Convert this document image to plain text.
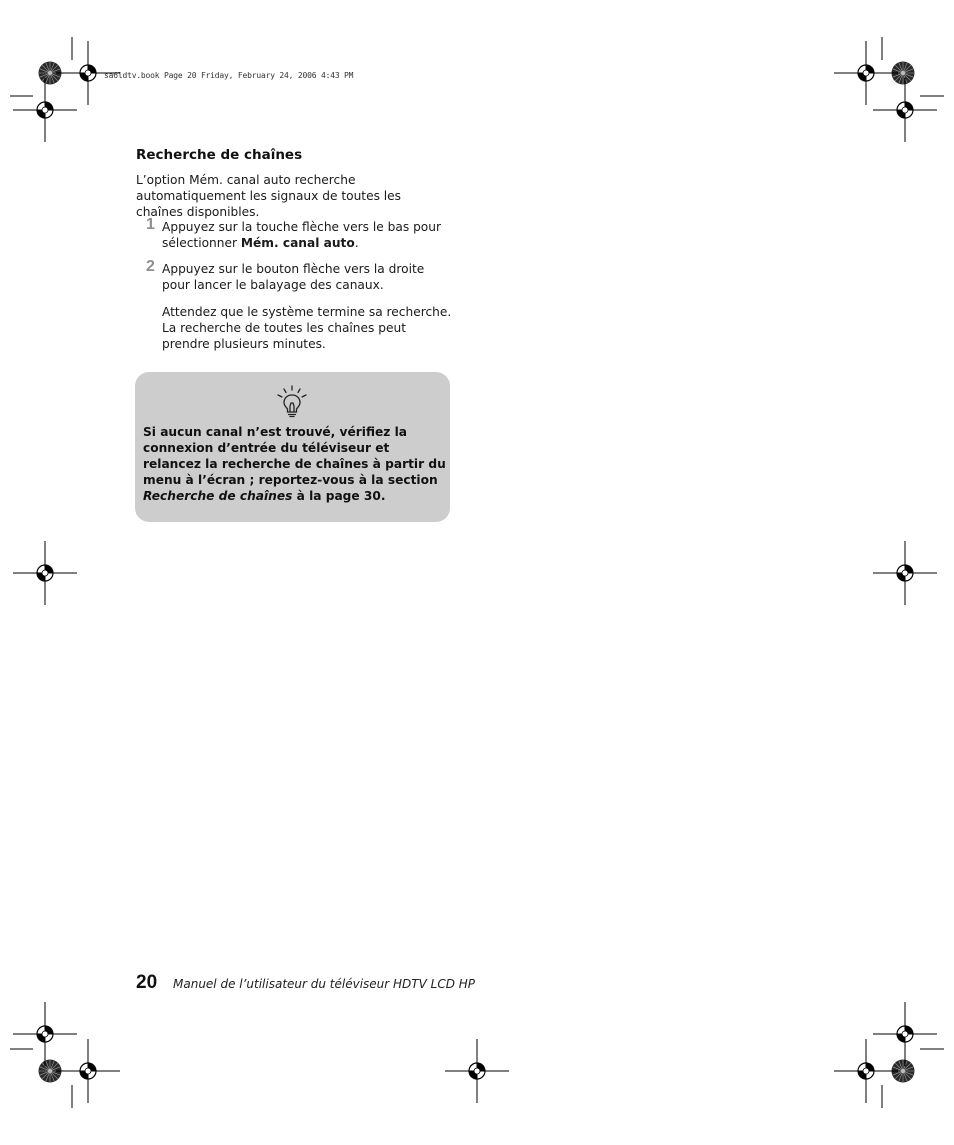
sa6ldtv.book Page 20 Friday, February 24, 2006 4:43 PM
Recherche de chaînes

L’option Mém. canal auto recherche automatiquement les signaux de toutes les chaînes disponibles.

1 Appuyez sur la touche flèche vers le bas pour sélectionner Mém. canal auto.

2 Appuyez sur le bouton flèche vers la droite pour lancer le balayage des canaux.

Attendez que le système termine sa recherche. La recherche de toutes les chaînes peut prendre plusieurs minutes.

Si aucun canal n’est trouvé, vérifiez la connexion d’entrée du téléviseur et relancez la recherche de chaînes à partir du menu à l’écran ; reportez-vous à la section Recherche de chaînes à la page 30.

20 Manuel de l’utilisateur du téléviseur HDTV LCD HP
